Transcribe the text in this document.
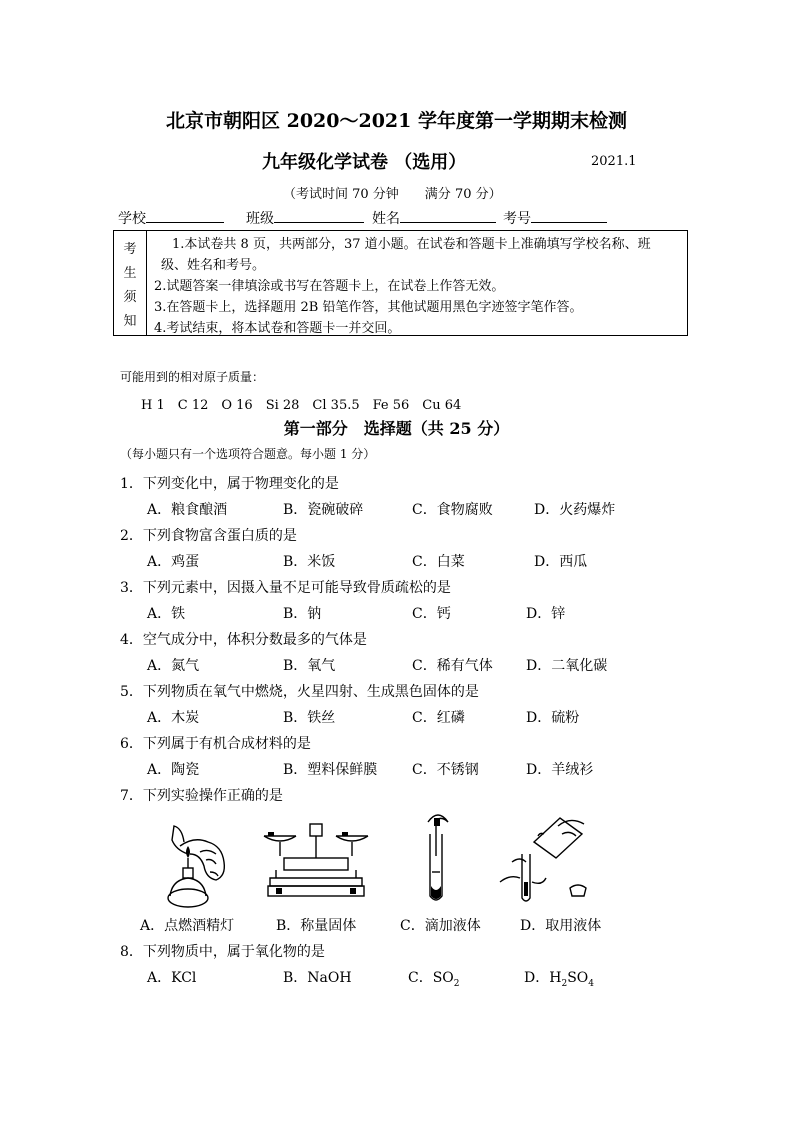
北京市朝阳区 2020～2021 学年度第一学期期末检测
九年级化学试卷 （选用）	2021.1
（考试时间 70 分钟　　满分 70 分）
学校	班级	姓名	考号
考
生
须
知
1.本试卷共 8 页，共两部分，37 道小题。在试卷和答题卡上准确填写学校名称、班
级、姓名和考号。
2.试题答案一律填涂或书写在答题卡上，在试卷上作答无效。
3.在答题卡上，选择题用 2B 铅笔作答，其他试题用黑色字迹签字笔作答。
4.考试结束，将本试卷和答题卡一并交回。
可能用到的相对原子质量：
H 1　C 12　O 16　Si 28　Cl 35.5　Fe 56　Cu 64
第一部分　选择题（共 25 分）
（每小题只有一个选项符合题意。每小题 1 分）
1．下列变化中，属于物理变化的是
A．粮食酿酒	B．瓷碗破碎	C．食物腐败	D．火药爆炸
2．下列食物富含蛋白质的是
A．鸡蛋	B．米饭	C．白菜	D．西瓜
3．下列元素中，因摄入量不足可能导致骨质疏松的是
A．铁	B．钠	C．钙	D．锌
4．空气成分中，体积分数最多的气体是
A．氮气	B．氧气	C．稀有气体 D．二氧化碳
5．下列物质在氧气中燃烧，火星四射、生成黑色固体的是
A．木炭	B．铁丝	C．红磷	D．硫粉
6．下列属于有机合成材料的是
A．陶瓷	B．塑料保鲜膜 C．不锈钢	D．羊绒衫
7．下列实验操作正确的是
A．点燃酒精灯	B．称量固体	C．滴加液体	D．取用液体
8．下列物质中，属于氧化物的是
A．KCl	B．NaOH	C．$SO_2$	D．$H_2SO_4$
